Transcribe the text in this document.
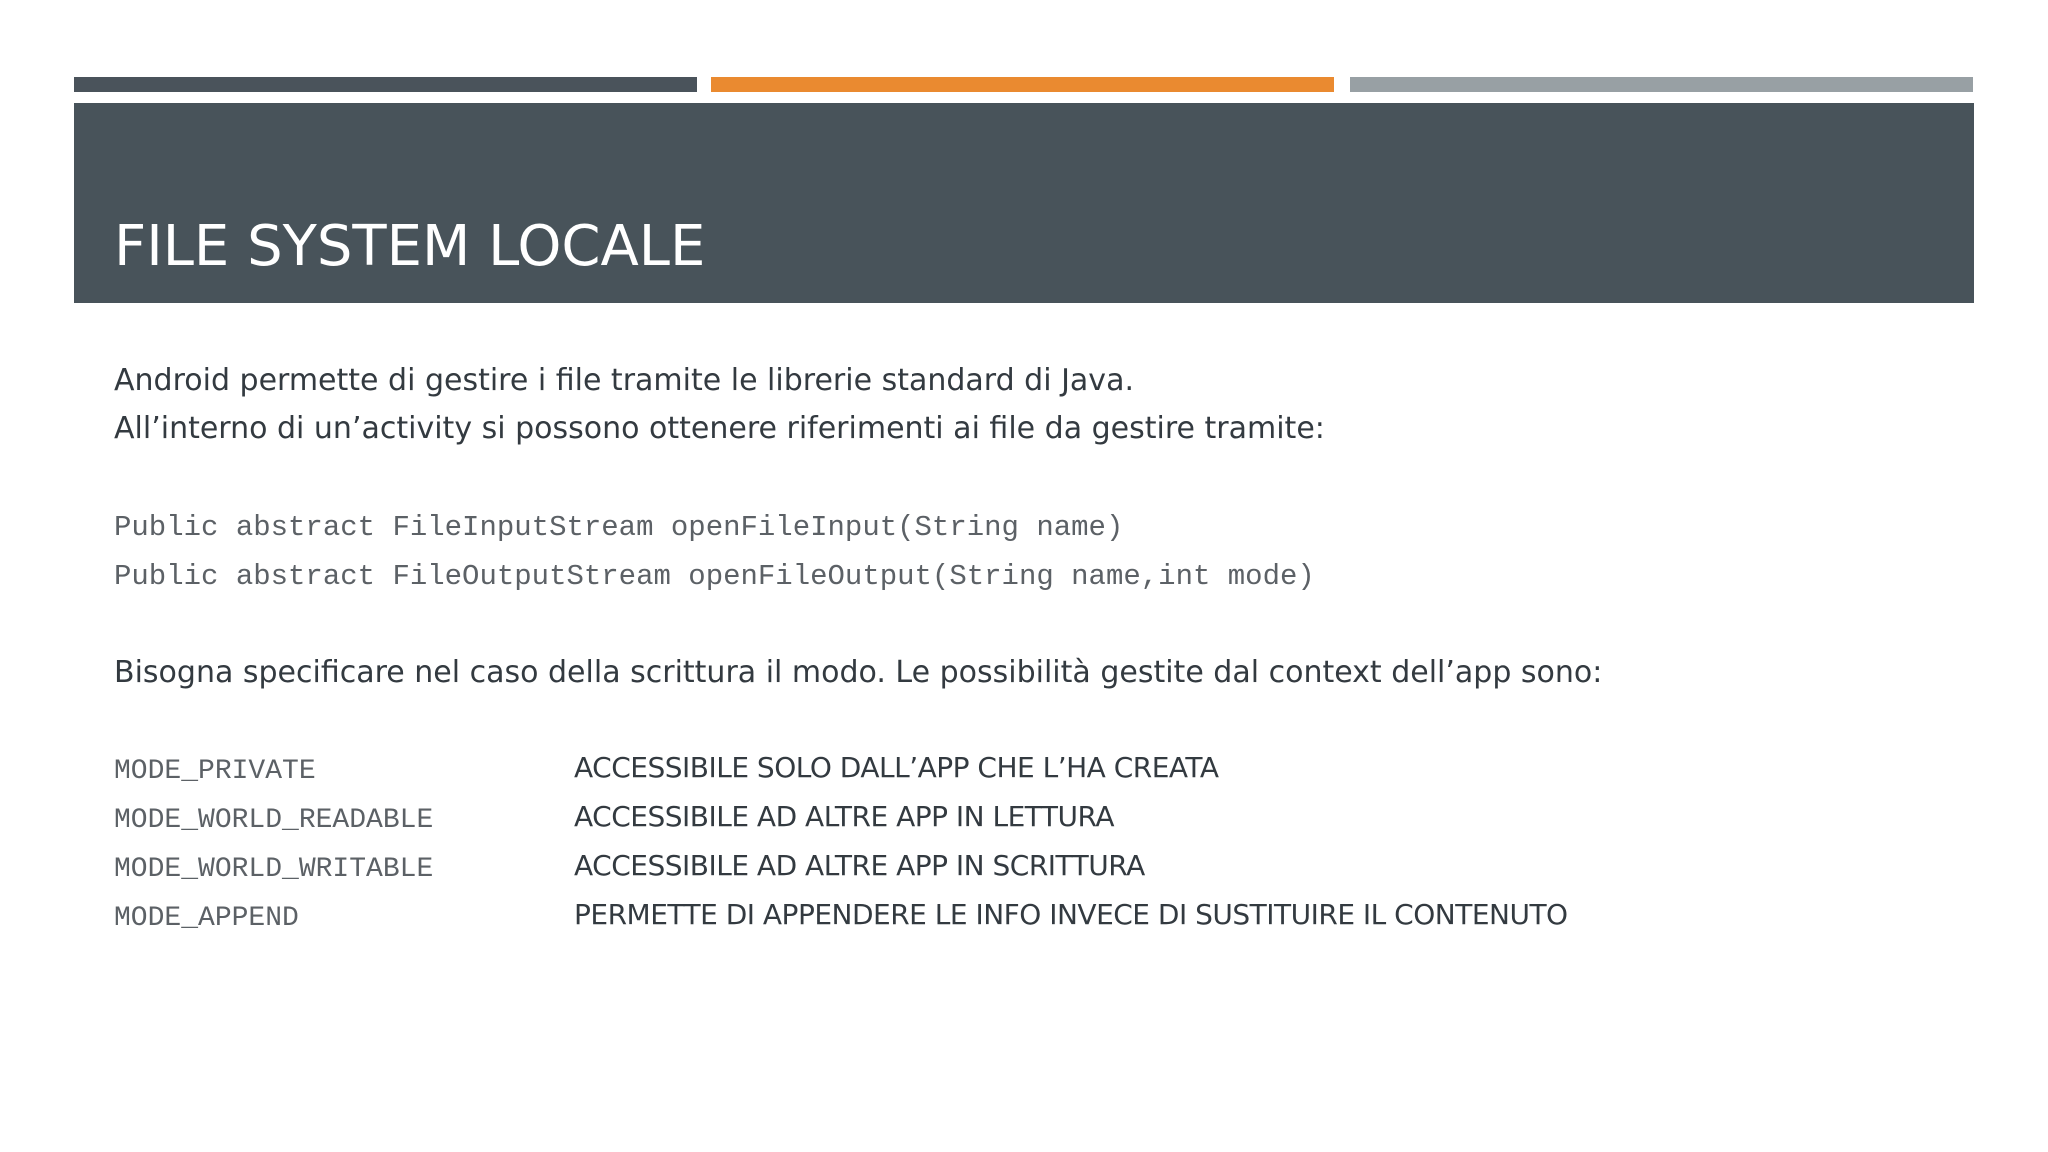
FILE SYSTEM LOCALE

Android permette di gestire i file tramite le librerie standard di Java.

All’interno di un’activity si possono ottenere riferimenti ai file da gestire tramite:

Public abstract FileInputStream openFileInput(String name)

Public abstract FileOutputStream openFileOutput(String name,int mode)

Bisogna specificare nel caso della scrittura il modo. Le possibilità gestite dal context dell’app sono:

MODE_PRIVATE	ACCESSIBILE SOLO DALL’APP CHE L’HA CREATA
MODE_WORLD_READABLE	ACCESSIBILE AD ALTRE APP IN LETTURA
MODE_WORLD_WRITABLE	ACCESSIBILE AD ALTRE APP IN SCRITTURA
MODE_APPEND	PERMETTE DI APPENDERE LE INFO INVECE DI SUSTITUIRE IL CONTENUTO
